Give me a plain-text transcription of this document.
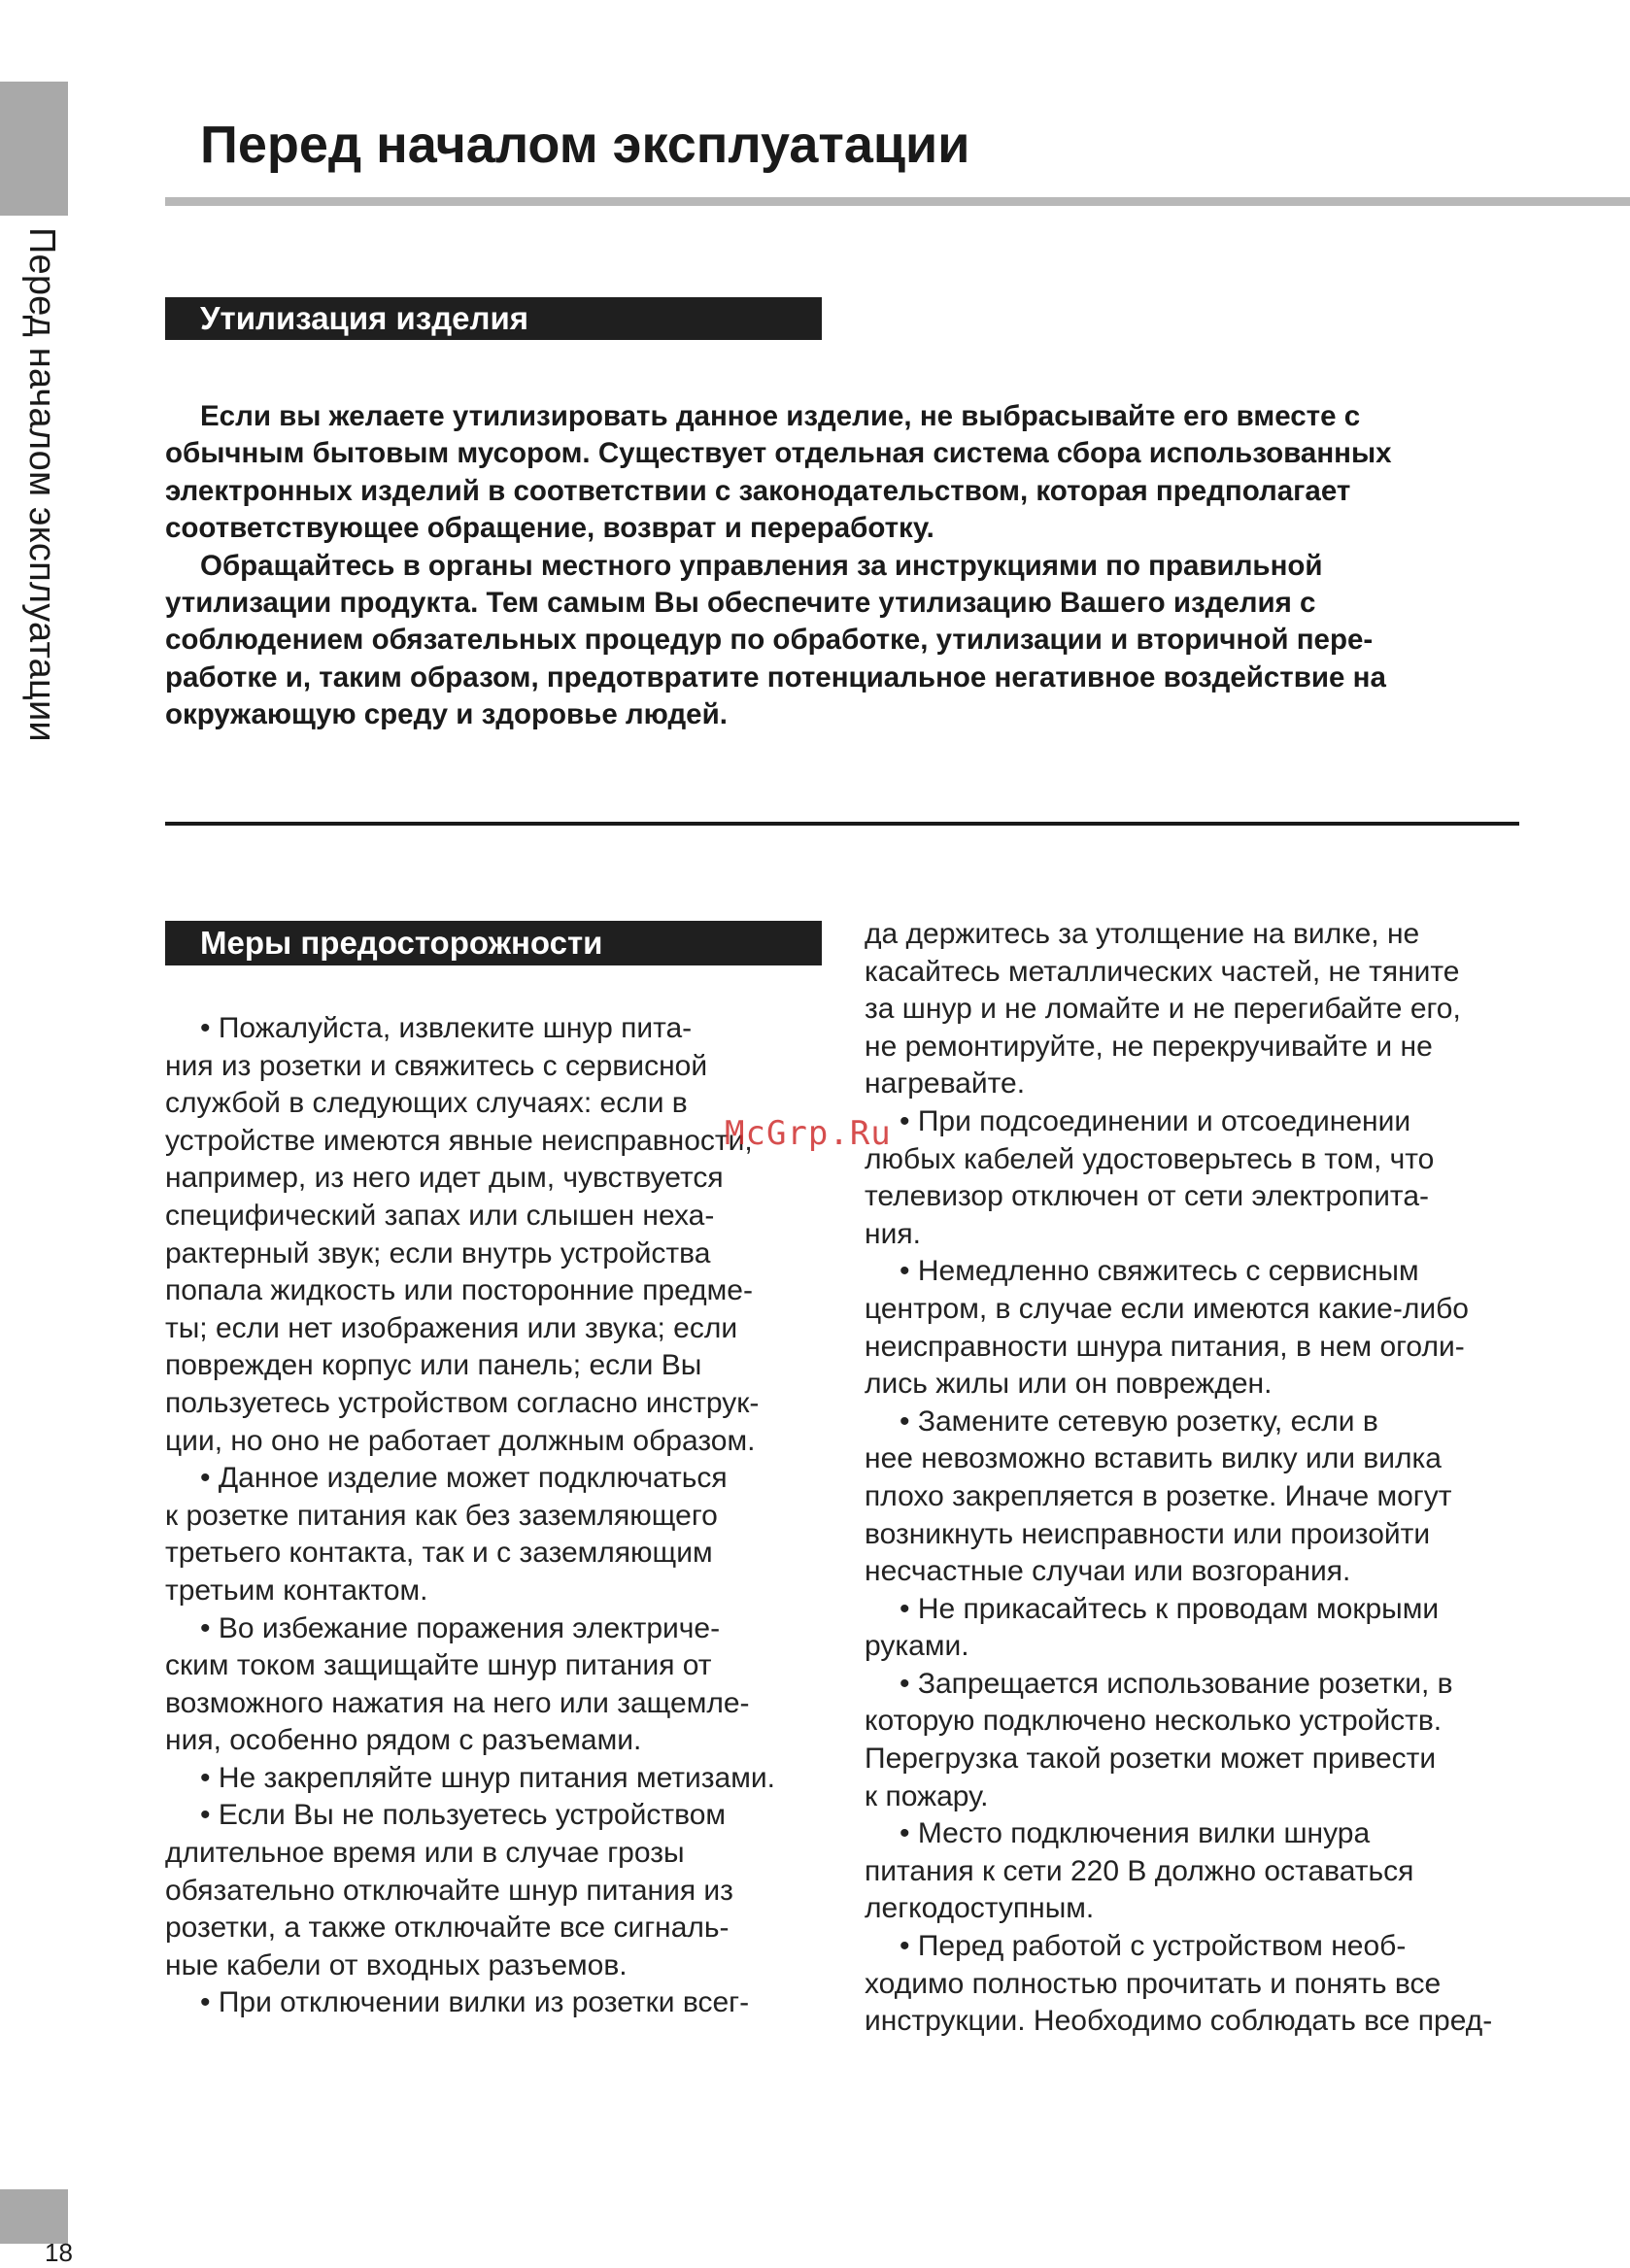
Перед началом эксплуатации
Перед началом эксплуатации
Утилизация изделия

Если вы желаете утилизировать данное изделие, не выбрасывайте его вместе с

обычным бытовым мусором. Существует отдельная система сбора использованных
электронных изделий в соответствии с законодательством, которая предполагает
соответствующее обращение, возврат и переработку.

Обращайтесь в органы местного управления за инструкциями по правильной

утилизации продукта. Тем самым Вы обеспечите утилизацию Вашего изделия с
соблюдением обязательных процедур по обработке, утилизации и вторичной пере-
работке и, таким образом, предотвратите потенциальное негативное воздействие на
окружающую среду и здоровье людей.
Меры предосторожности

• Пожалуйста, извлеките шнур пита-

ния из розетки и свяжитесь с сервисной

службой в следующих случаях: если в

устройстве имеются явные неисправности,

например, из него идет дым, чувствуется

специфический запах или слышен неха-

рактерный звук; если внутрь устройства

попала жидкость или посторонние предме-

ты; если нет изображения или звука; если

поврежден корпус или панель; если Вы

пользуетесь устройством согласно инструк-

ции, но оно не работает должным образом.

• Данное изделие может подключаться

к розетке питания как без заземляющего

третьего контакта, так и с заземляющим

третьим контактом.

• Во избежание поражения электриче-

ским током защищайте шнур питания от

возможного нажатия на него или защемле-

ния, особенно рядом с разъемами.

• Не закрепляйте шнур питания метизами.

• Если Вы не пользуетесь устройством

длительное время или в случае грозы

обязательно отключайте шнур питания из

розетки, а также отключайте все сигналь-

ные кабели от входных разъемов.

• При отключении вилки из розетки всег-

да держитесь за утолщение на вилке, не

касайтесь металлических частей, не тяните

за шнур и не ломайте и не перегибайте его,

не ремонтируйте, не перекручивайте и не

нагревайте.

• При подсоединении и отсоединении

любых кабелей удостоверьтесь в том, что

телевизор отключен от сети электропита-

ния.

• Немедленно свяжитесь с сервисным

центром, в случае если имеются какие-либо

неисправности шнура питания, в нем оголи-

лись жилы или он поврежден.

• Замените сетевую розетку, если в

нее невозможно вставить вилку или вилка

плохо закрепляется в розетке. Иначе могут

возникнуть неисправности или произойти

несчастные случаи или возгорания.

• Не прикасайтесь к проводам мокрыми

руками.

• Запрещается использование розетки, в

которую подключено несколько устройств.

Перегрузка такой розетки может привести

к пожару.

• Место подключения вилки шнура

питания к сети 220 В должно оставаться

легкодоступным.

• Перед работой с устройством необ-

ходимо полностью прочитать и понять все

инструкции. Необходимо соблюдать все пред-

McGrp.Ru
18
